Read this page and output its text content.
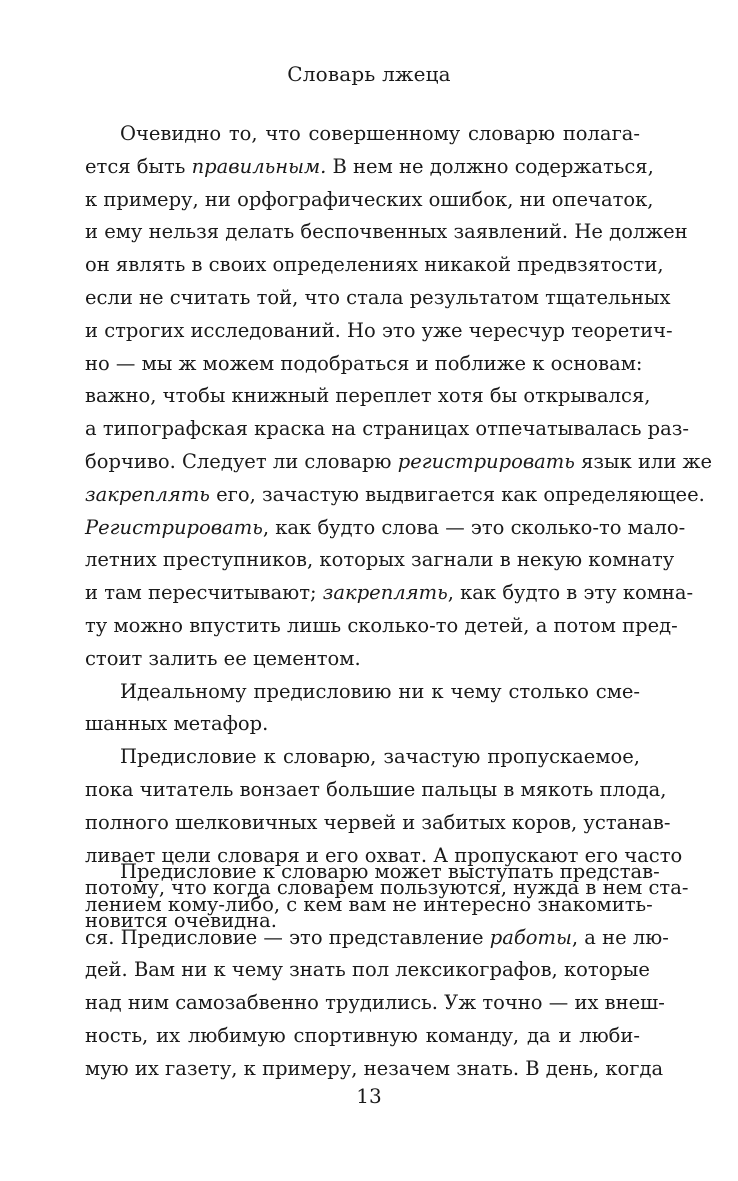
Словарь лжеца
Очевидно то, что совершенному словарю полага-
ется быть правильным. В нем не должно содержаться,
к примеру, ни орфографических ошибок, ни опечаток,
и ему нельзя делать беспочвенных заявлений. Не должен
он являть в своих определениях никакой предвзятости,
если не считать той, что стала результатом тщательных
и строгих исследований. Но это уже чересчур теоретич-
но — мы ж можем подобраться и поближе к основам:
важно, чтобы книжный переплет хотя бы открывался,
а типографская краска на страницах отпечатывалась раз-
борчиво. Следует ли словарю регистрировать язык или же
закреплять его, зачастую выдвигается как определяющее.
Регистрировать, как будто слова — это сколько-то мало-
летних преступников, которых загнали в некую комнату
и там пересчитывают; закреплять, как будто в эту комна-
ту можно впустить лишь сколько-то детей, а потом пред-
стоит залить ее цементом.
Идеальному предисловию ни к чему столько сме-
шанных метафор.
Предисловие к словарю, зачастую пропускаемое,
пока читатель вонзает большие пальцы в мякоть плода,
полного шелковичных червей и забитых коров, устанав-
ливает цели словаря и его охват. А пропускают его часто
потому, что когда словарем пользуются, нужда в нем ста-
новится очевидна.
Предисловие к словарю может выступать представ-
лением кому-либо, с кем вам не интересно знакомить-
ся. Предисловие — это представление работы, а не лю-
дей. Вам ни к чему знать пол лексикографов, которые
над ним самозабвенно трудились. Уж точно — их внеш-
ность, их любимую спортивную команду, да и люби-
мую их газету, к примеру, незачем знать. В день, когда
13
